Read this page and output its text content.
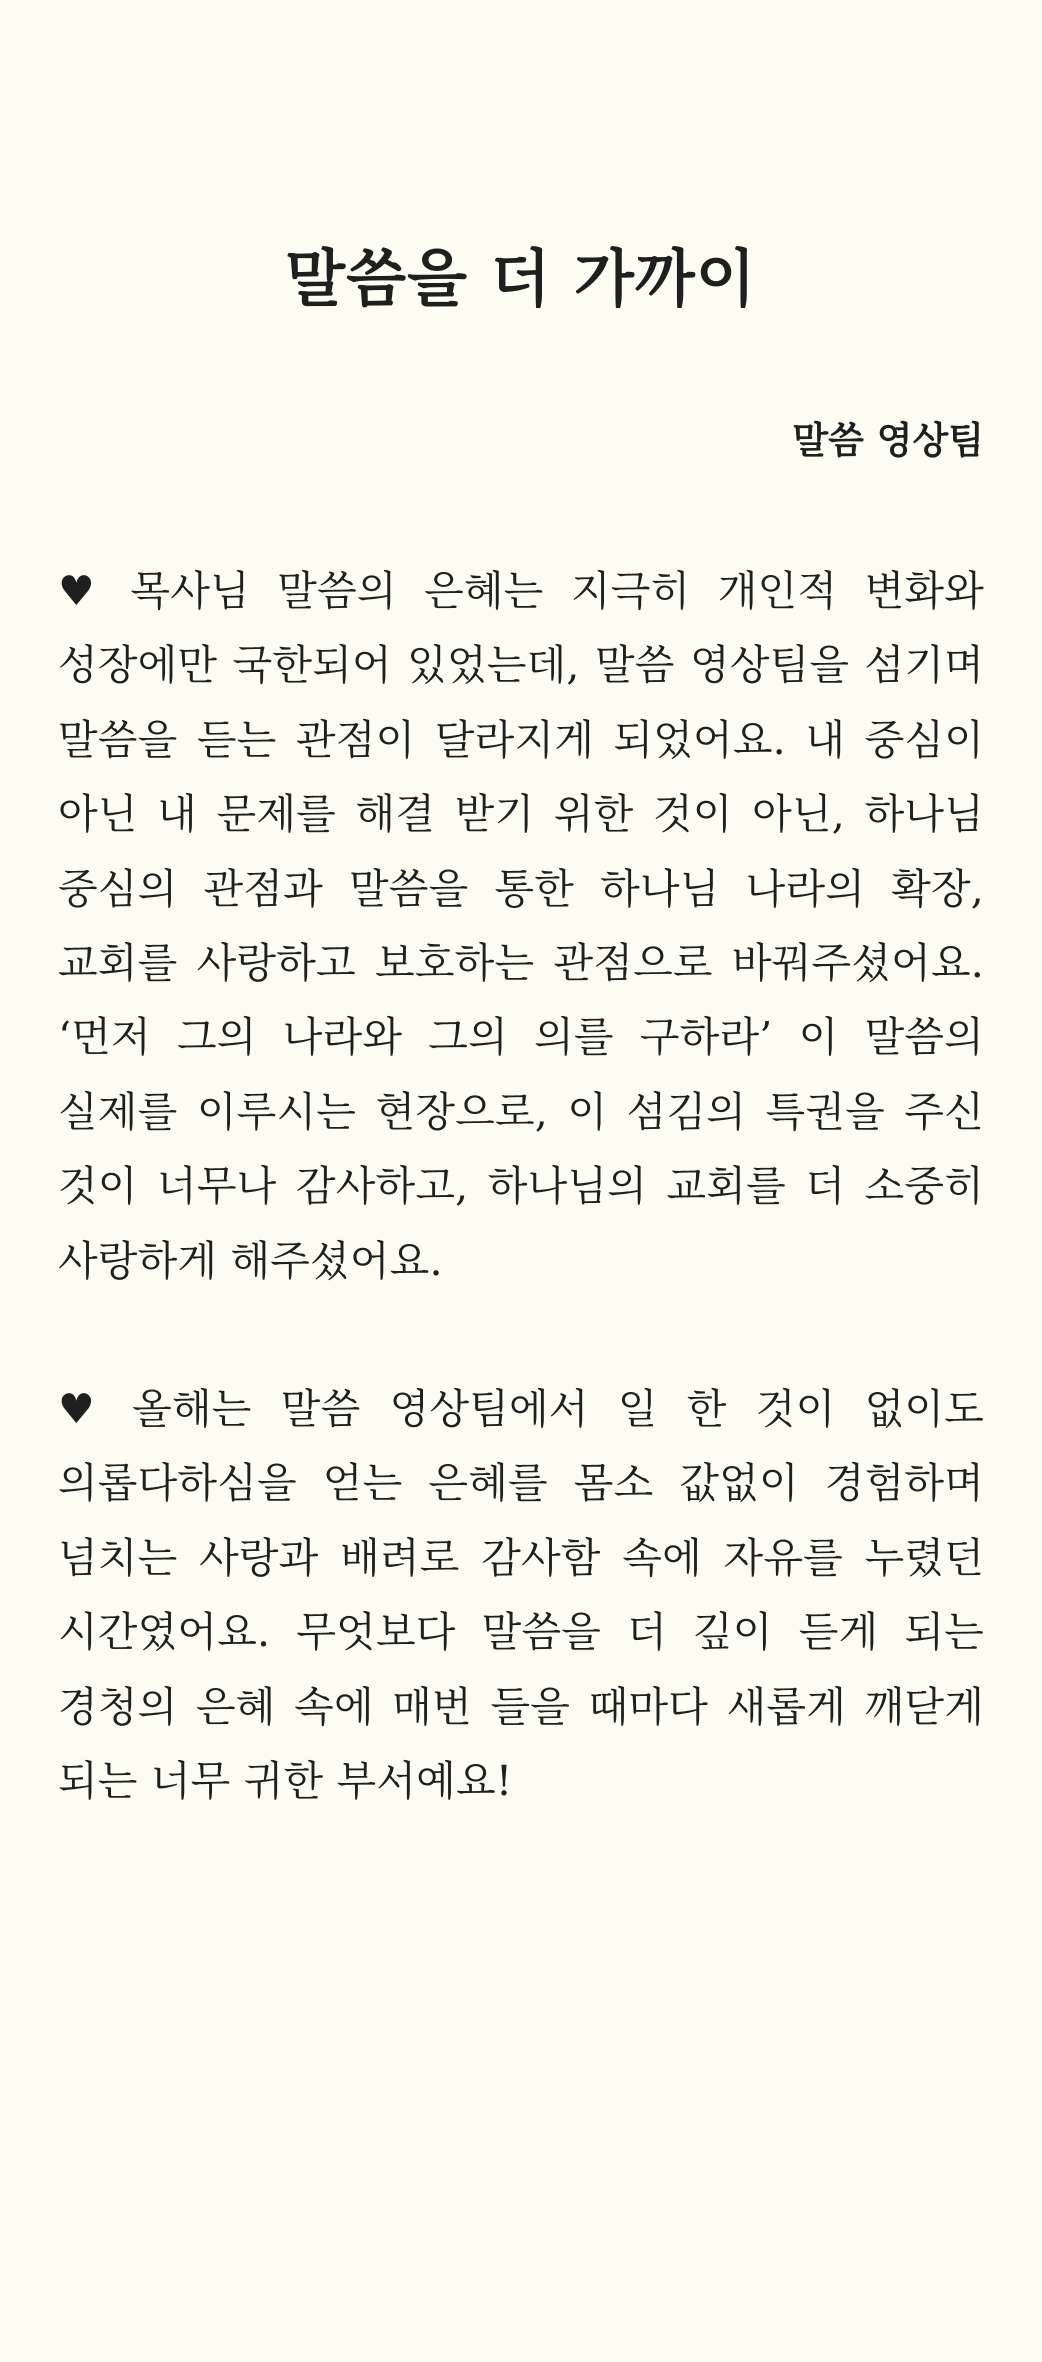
말씀을 더 가까이

말씀 영상팀

♥ 목사님 말씀의 은혜는 지극히 개인적 변화와 성장에만 국한되어 있었는데, 말씀 영상팀을 섬기며 말씀을 듣는 관점이 달라지게 되었어요. 내 중심이 아닌 내 문제를 해결 받기 위한 것이 아닌, 하나님 중심의 관점과 말씀을 통한 하나님 나라의 확장, 교회를 사랑하고 보호하는 관점으로 바꿔주셨어요. ‘먼저 그의 나라와 그의 의를 구하라’ 이 말씀의 실제를 이루시는 현장으로, 이 섬김의 특권을 주신 것이 너무나 감사하고, 하나님의 교회를 더 소중히 사랑하게 해주셨어요.

♥ 올해는 말씀 영상팀에서 일 한 것이 없이도 의롭다하심을 얻는 은혜를 몸소 값없이 경험하며 넘치는 사랑과 배려로 감사함 속에 자유를 누렸던 시간였어요. 무엇보다 말씀을 더 깊이 듣게 되는 경청의 은혜 속에 매번 들을 때마다 새롭게 깨닫게 되는 너무 귀한 부서예요!
